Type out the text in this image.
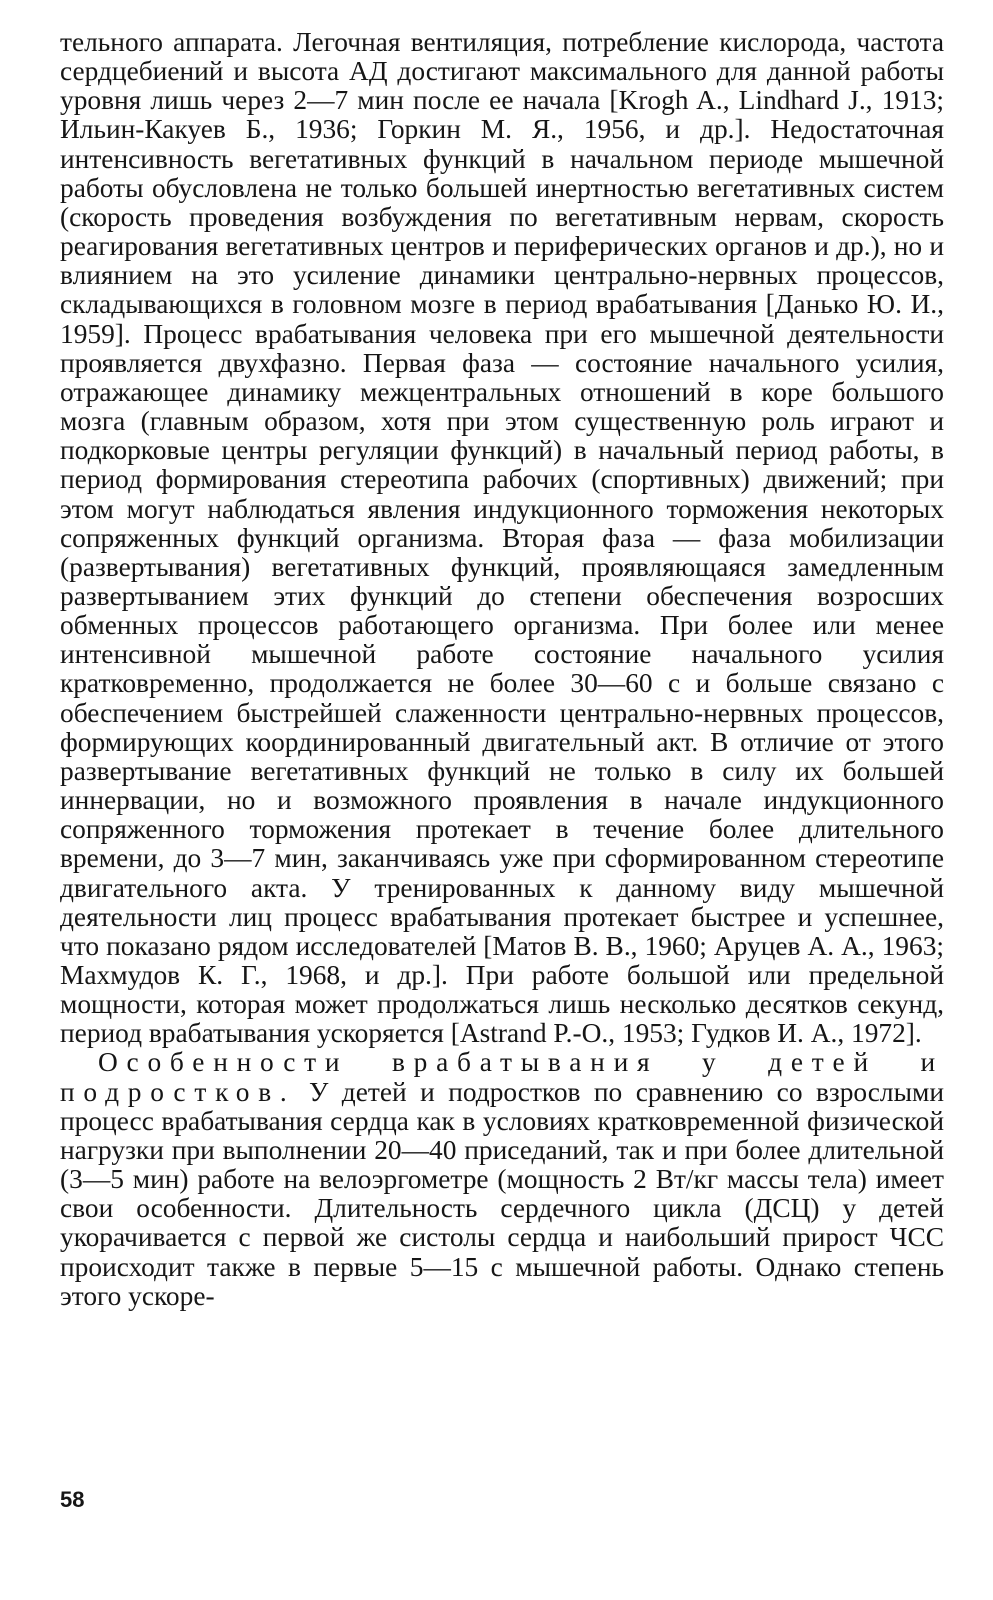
тельного аппарата. Легочная вентиляция, потребление кислорода, частота сердцебиений и высота АД достигают максимального для данной работы уровня лишь через 2—7 мин после ее начала [Krogh A., Lindhard J., 1913; Ильин-Какуев Б., 1936; Горкин М. Я., 1956, и др.]. Недостаточная интенсивность вегетативных функций в начальном периоде мышечной работы обусловлена не только большей инертностью вегетативных систем (скорость проведения возбуждения по вегетативным нервам, скорость реагирования вегетативных центров и периферических органов и др.), но и влиянием на это усиление динамики центрально-нервных процессов, складывающихся в головном мозге в период врабатывания [Данько Ю. И., 1959]. Процесс врабатывания человека при его мышечной деятельности проявляется двухфазно. Первая фаза — состояние начального усилия, отражающее динамику межцентральных отношений в коре большого мозга (главным образом, хотя при этом существенную роль играют и подкорковые центры регуляции функций) в начальный период работы, в период формирования стереотипа рабочих (спортивных) движений; при этом могут наблюдаться явления индукционного торможения некоторых сопряженных функций организма. Вторая фаза — фаза мобилизации (развертывания) вегетативных функций, проявляющаяся замедленным развертыванием этих функций до степени обеспечения возросших обменных процессов работающего организма. При более или менее интенсивной мышечной работе состояние начального усилия кратковременно, продолжается не более 30—60 с и больше связано с обеспечением быстрейшей слаженности центрально-нервных процессов, формирующих координированный двигательный акт. В отличие от этого развертывание вегетативных функций не только в силу их большей иннервации, но и возможного проявления в начале индукционного сопряженного торможения протекает в течение более длительного времени, до 3—7 мин, заканчиваясь уже при сформированном стереотипе двигательного акта. У тренированных к данному виду мышечной деятельности лиц процесс врабатывания протекает быстрее и успешнее, что показано рядом исследователей [Матов В. В., 1960; Аруцев А. А., 1963; Махмудов К. Г., 1968, и др.]. При работе большой или предельной мощности, которая может продолжаться лишь несколько десятков секунд, период врабатывания ускоряется [Astrand P.-O., 1953; Гудков И. А., 1972].

Особенности врабатывания у детей и подростков. У детей и подростков по сравнению со взрослыми процесс врабатывания сердца как в условиях кратковременной физической нагрузки при выполнении 20—40 приседаний, так и при более длительной (3—5 мин) работе на велоэргометре (мощность 2 Вт/кг массы тела) имеет свои особенности. Длительность сердечного цикла (ДСЦ) у детей укорачивается с первой же систолы сердца и наибольший прирост ЧСС происходит также в первые 5—15 с мышечной работы. Однако степень этого ускоре-

58
